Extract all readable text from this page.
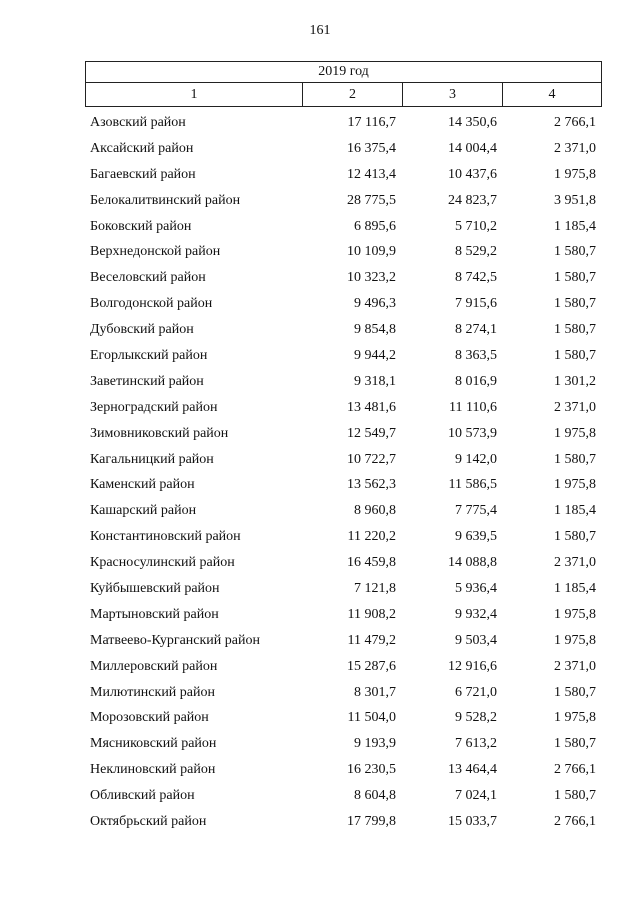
161
2019 год
1	2	3	4
Азовский район	17 116,7	14 350,6	2 766,1
Аксайский район	16 375,4	14 004,4	2 371,0
Багаевский район	12 413,4	10 437,6	1 975,8
Белокалитвинский район	28 775,5	24 823,7	3 951,8
Боковский район	6 895,6	5 710,2	1 185,4
Верхнедонской район	10 109,9	8 529,2	1 580,7
Веселовский район	10 323,2	8 742,5	1 580,7
Волгодонской район	9 496,3	7 915,6	1 580,7
Дубовский район	9 854,8	8 274,1	1 580,7
Егорлыкский район	9 944,2	8 363,5	1 580,7
Заветинский район	9 318,1	8 016,9	1 301,2
Зерноградский район	13 481,6	11 110,6	2 371,0
Зимовниковский район	12 549,7	10 573,9	1 975,8
Кагальницкий район	10 722,7	9 142,0	1 580,7
Каменский район	13 562,3	11 586,5	1 975,8
Кашарский район	8 960,8	7 775,4	1 185,4
Константиновский район	11 220,2	9 639,5	1 580,7
Красносулинский район	16 459,8	14 088,8	2 371,0
Куйбышевский район	7 121,8	5 936,4	1 185,4
Мартыновский район	11 908,2	9 932,4	1 975,8
Матвеево-Курганский район	11 479,2	9 503,4	1 975,8
Миллеровский район	15 287,6	12 916,6	2 371,0
Милютинский район	8 301,7	6 721,0	1 580,7
Морозовский район	11 504,0	9 528,2	1 975,8
Мясниковский район	9 193,9	7 613,2	1 580,7
Неклиновский район	16 230,5	13 464,4	2 766,1
Обливский район	8 604,8	7 024,1	1 580,7
Октябрьский район	17 799,8	15 033,7	2 766,1
